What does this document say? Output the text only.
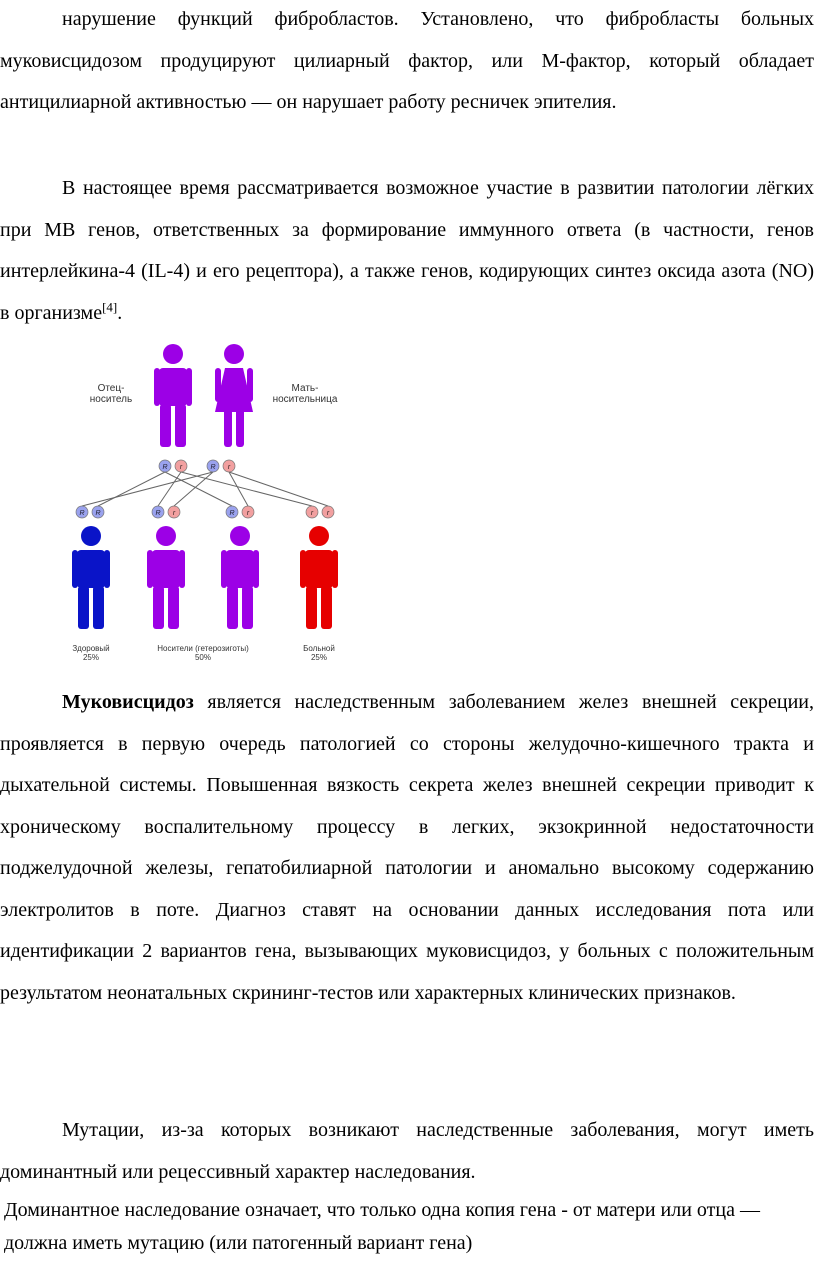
нарушение функций фибробластов. Установлено, что фибробласты больных муковисцидозом продуцируют цилиарный фактор, или М-фактор, который обладает антицилиарной активностью — он нарушает работу ресничек эпителия.

В настоящее время рассматривается возможное участие в развитии патологии лёгких при МВ генов, ответственных за формирование иммунного ответа (в частности, генов интерлейкина-4 (IL-4) и его рецептора), а также генов, кодирующих синтез оксида азота (NO) в организме[4].

Отец-
носитель
Мать-
носительница
R r	R r
R R	R r	R r	r r
Здоровый
25%
Носители (гетерозиготы)
50%
Больной
25%

Муковисцидоз является наследственным заболеванием желез внешней секреции, проявляется в первую очередь патологией со стороны желудочно-кишечного тракта и дыхательной системы. Повышенная вязкость секрета желез внешней секреции приводит к хроническому воспалительному процессу в легких, экзокринной недостаточности поджелудочной железы, гепатобилиарной патологии и аномально высокому содержанию электролитов в поте. Диагноз ставят на основании данных исследования пота или идентификации 2 вариантов гена, вызывающих муковисцидоз, у больных с положительным результатом неонатальных скрининг-тестов или характерных клинических признаков.

Мутации, из-за которых возникают наследственные заболевания, могут иметь доминантный или рецессивный характер наследования.

Доминантное наследование означает, что только одна копия гена - от матери или отца — должна иметь мутацию (или патогенный вариант гена)
